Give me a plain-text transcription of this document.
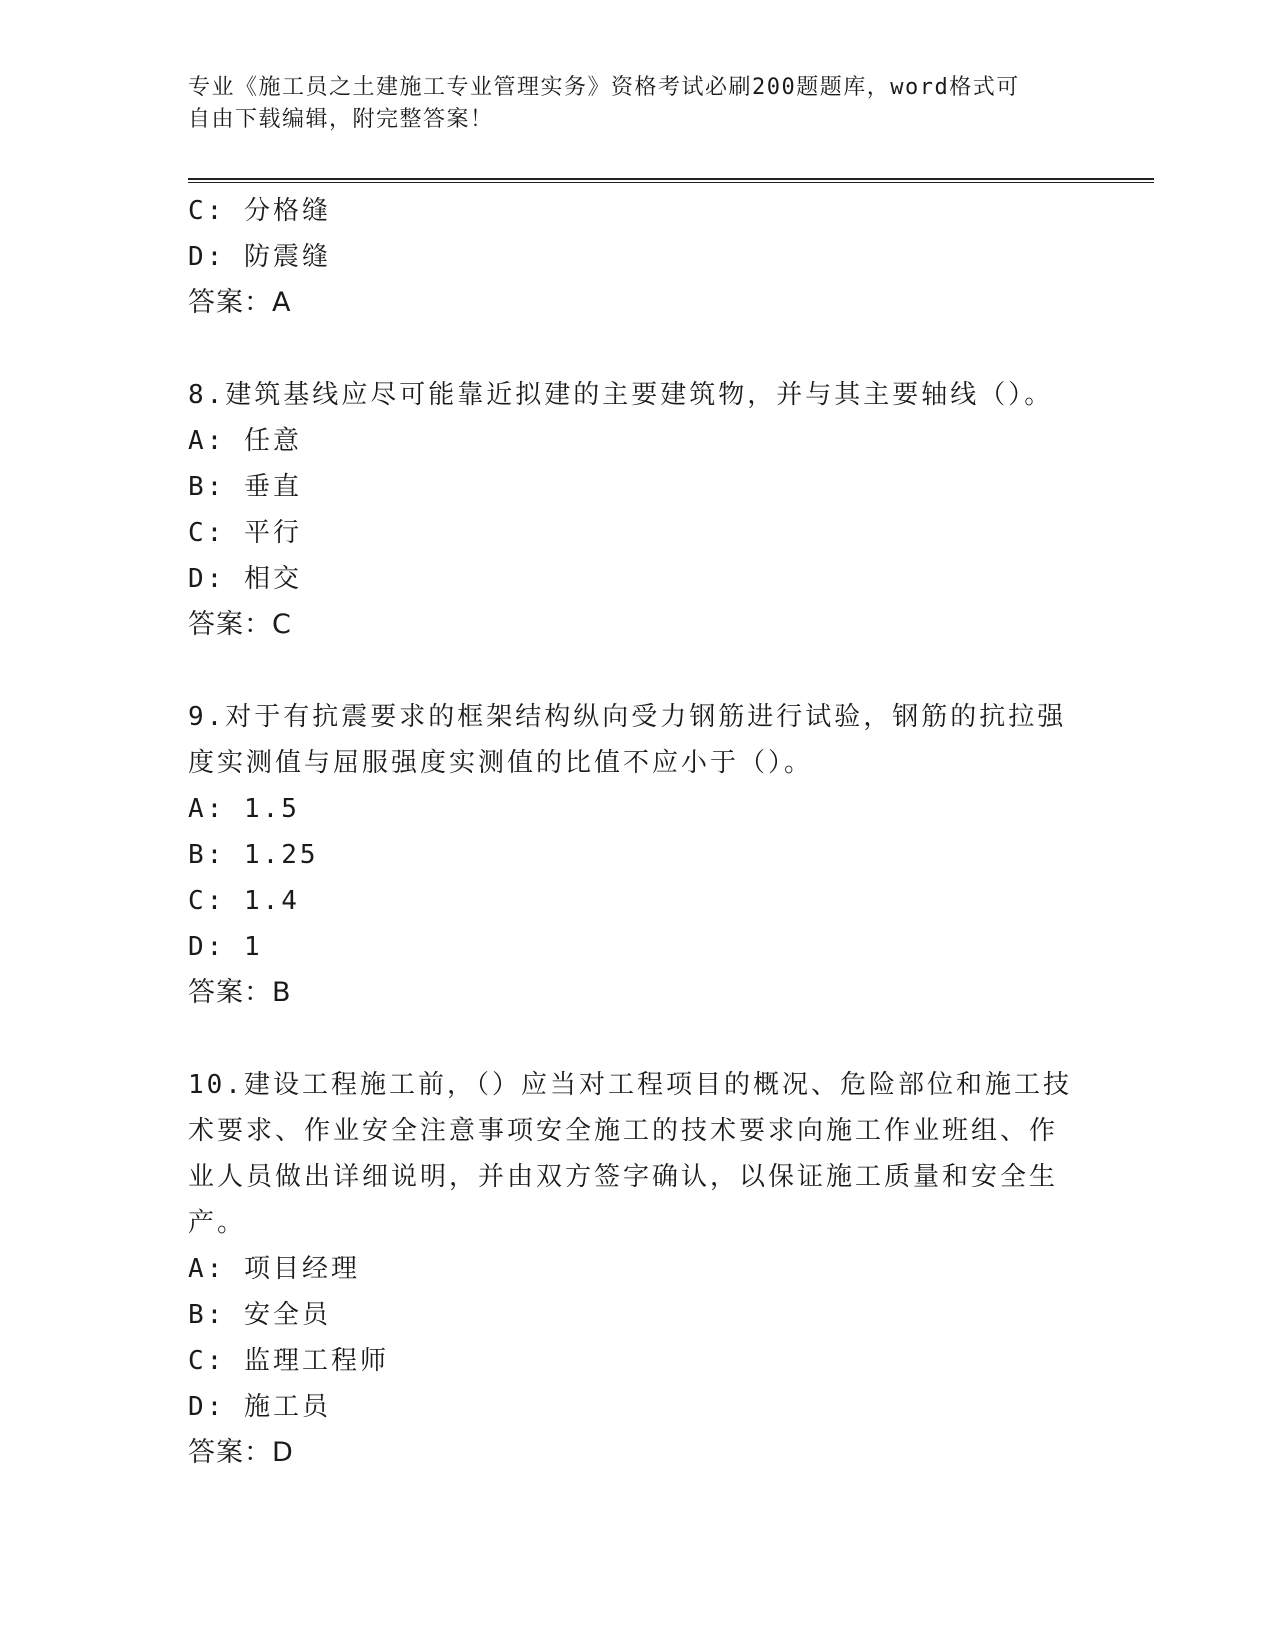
专业《施工员之土建施工专业管理实务》资格考试必刷200题题库，word格式可
自由下载编辑，附完整答案！
C: 分格缝
D: 防震缝
答案：A
8.建筑基线应尽可能靠近拟建的主要建筑物，并与其主要轴线（）。
A: 任意
B: 垂直
C: 平行
D: 相交
答案：C
9.对于有抗震要求的框架结构纵向受力钢筋进行试验，钢筋的抗拉强
度实测值与屈服强度实测值的比值不应小于（）。
A: 1.5
B: 1.25
C: 1.4
D: 1
答案：B
10.建设工程施工前，（）应当对工程项目的概况、危险部位和施工技
术要求、作业安全注意事项安全施工的技术要求向施工作业班组、作
业人员做出详细说明，并由双方签字确认，以保证施工质量和安全生
产。
A: 项目经理
B: 安全员
C: 监理工程师
D: 施工员
答案：D
